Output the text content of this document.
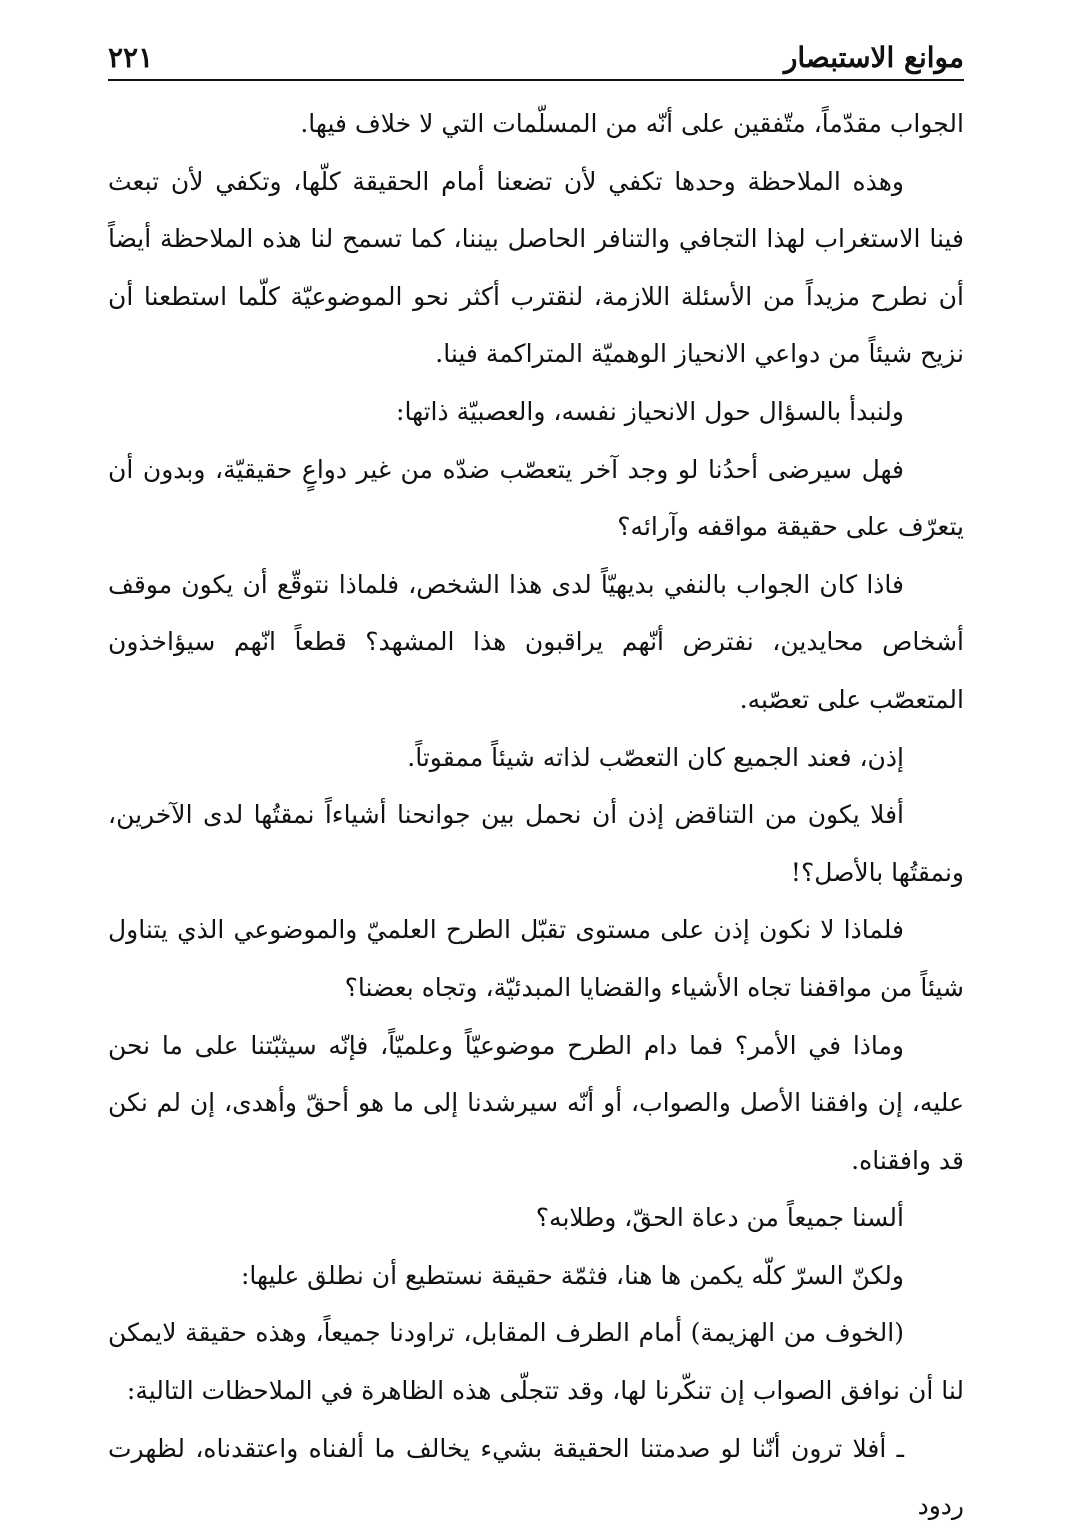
موانع الاستبصار
٢٢١

الجواب مقدّماً، متّفقين على أنّه من المسلّمات التي لا خلاف فيها.

وهذه الملاحظة وحدها تكفي لأن تضعنا أمام الحقيقة كلّها، وتكفي لأن تبعث فينا الاستغراب لهذا التجافي والتنافر الحاصل بيننا، كما تسمح لنا هذه الملاحظة أيضاً أن نطرح مزيداً من الأسئلة اللازمة، لنقترب أكثر نحو الموضوعيّة كلّما استطعنا أن نزيح شيئاً من دواعي الانحياز الوهميّة المتراكمة فينا.

ولنبدأ بالسؤال حول الانحياز نفسه، والعصبيّة ذاتها:

فهل سيرضى أحدُنا لو وجد آخر يتعصّب ضدّه من غير دواعٍ حقيقيّة، وبدون أن يتعرّف على حقيقة مواقفه وآرائه؟

فاذا كان الجواب بالنفي بديهيّاً لدى هذا الشخص، فلماذا نتوقّع أن يكون موقف أشخاص محايدين، نفترض أنّهم يراقبون هذا المشهد؟ قطعاً انّهم سيؤاخذون المتعصّب على تعصّبه.

إذن، فعند الجميع كان التعصّب لذاته شيئاً ممقوتاً.

أفلا يكون من التناقض إذن أن نحمل بين جوانحنا أشياءاً نمقتُها لدى الآخرين، ونمقتُها بالأصل؟!

فلماذا لا نكون إذن على مستوى تقبّل الطرح العلميّ والموضوعي الذي يتناول شيئاً من مواقفنا تجاه الأشياء والقضايا المبدئيّة، وتجاه بعضنا؟

وماذا في الأمر؟ فما دام الطرح موضوعيّاً وعلميّاً، فإنّه سيثبّتنا على ما نحن عليه، إن وافقنا الأصل والصواب، أو أنّه سيرشدنا إلى ما هو أحقّ وأهدى، إن لم نكن قد وافقناه.

ألسنا جميعاً من دعاة الحقّ، وطلابه؟

ولكنّ السرّ كلّه يكمن ها هنا، فثمّة حقيقة نستطيع أن نطلق عليها:

(الخوف من الهزيمة) أمام الطرف المقابل، تراودنا جميعاً، وهذه حقيقة لايمكن لنا أن نوافق الصواب إن تنكّرنا لها، وقد تتجلّى هذه الظاهرة في الملاحظات التالية:

ـ أفلا ترون أنّنا لو صدمتنا الحقيقة بشيء يخالف ما ألفناه واعتقدناه، لظهرت ردود
